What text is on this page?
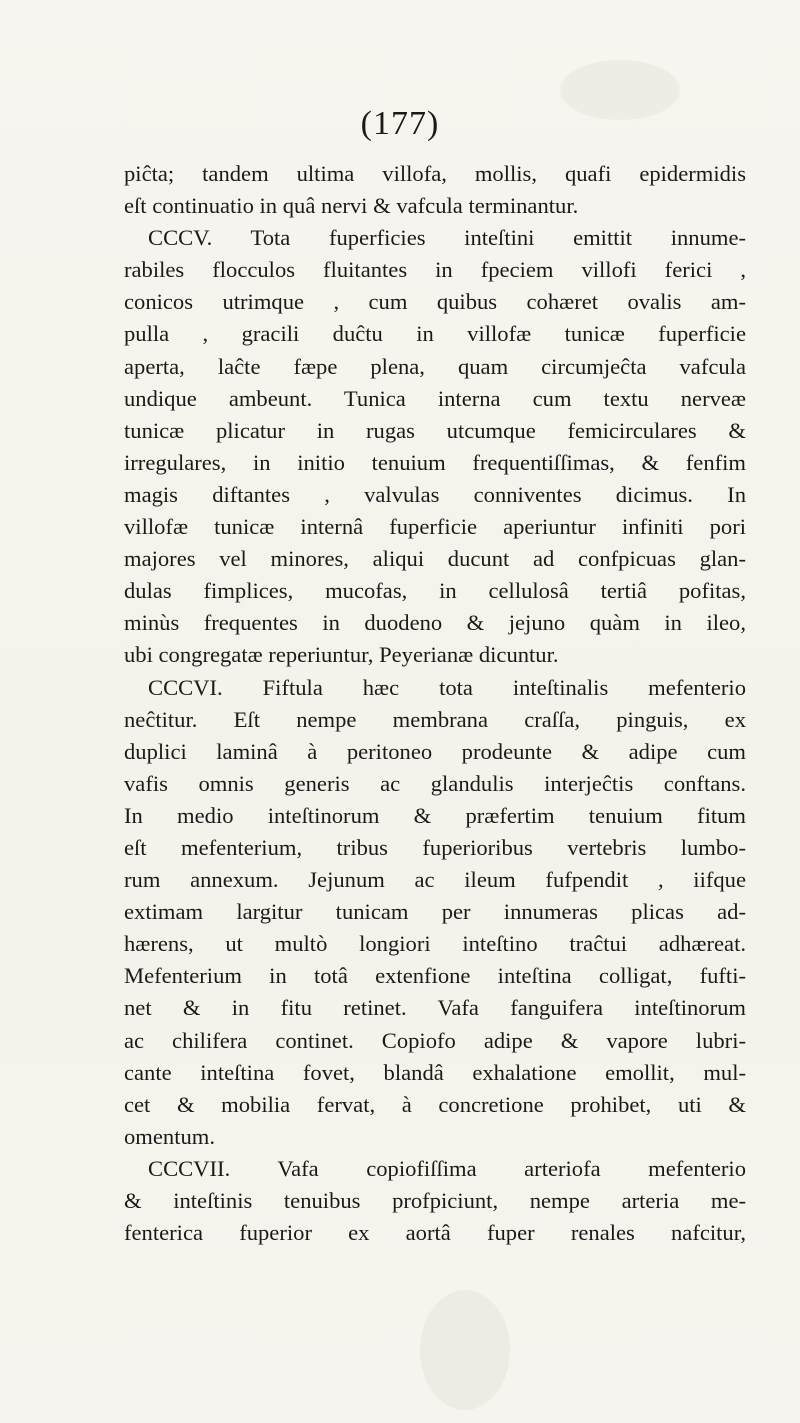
(177)
piĉta; tandem ultima villofa, mollis, quafi epidermidis
eſt continuatio in quâ nervi & vafcula terminantur.
CCCV. Tota fuperficies inteſtini emittit innume-
rabiles flocculos fluitantes in fpeciem villofi ferici ,
conicos utrimque , cum quibus cohæret ovalis am-
pulla , gracili duĉtu in villofæ tunicæ fuperficie
aperta, laĉte fæpe plena, quam circumjeĉta vafcula
undique ambeunt. Tunica interna cum textu nerveæ
tunicæ plicatur in rugas utcumque femicirculares &
irregulares, in initio tenuium frequentiſſimas, & fenfim
magis diftantes , valvulas conniventes dicimus. In
villofæ tunicæ internâ fuperficie aperiuntur infiniti pori
majores vel minores, aliqui ducunt ad confpicuas glan-
dulas fimplices, mucofas, in cellulosâ tertiâ pofitas,
minùs frequentes in duodeno & jejuno quàm in ileo,
ubi congregatæ reperiuntur, Peyerianæ dicuntur.
CCCVI. Fiftula hæc tota inteſtinalis mefenterio
neĉtitur. Eſt nempe membrana craſſa, pinguis, ex
duplici laminâ à peritoneo prodeunte & adipe cum
vafis omnis generis ac glandulis interjeĉtis conftans.
In medio inteſtinorum & præfertim tenuium fitum
eſt mefenterium, tribus fuperioribus vertebris lumbo-
rum annexum. Jejunum ac ileum fufpendit , iifque
extimam largitur tunicam per innumeras plicas ad-
hærens, ut multò longiori inteſtino traĉtui adhæreat.
Mefenterium in totâ extenfione inteſtina colligat, fufti-
net & in fitu retinet. Vafa fanguifera inteſtinorum
ac chilifera continet. Copiofo adipe & vapore lubri-
cante inteſtina fovet, blandâ exhalatione emollit, mul-
cet & mobilia fervat, à concretione prohibet, uti &
omentum.
CCCVII. Vafa copiofiſſima arteriofa mefenterio
& inteſtinis tenuibus profpiciunt, nempe arteria me-
fenterica fuperior ex aortâ fuper renales nafcitur,
